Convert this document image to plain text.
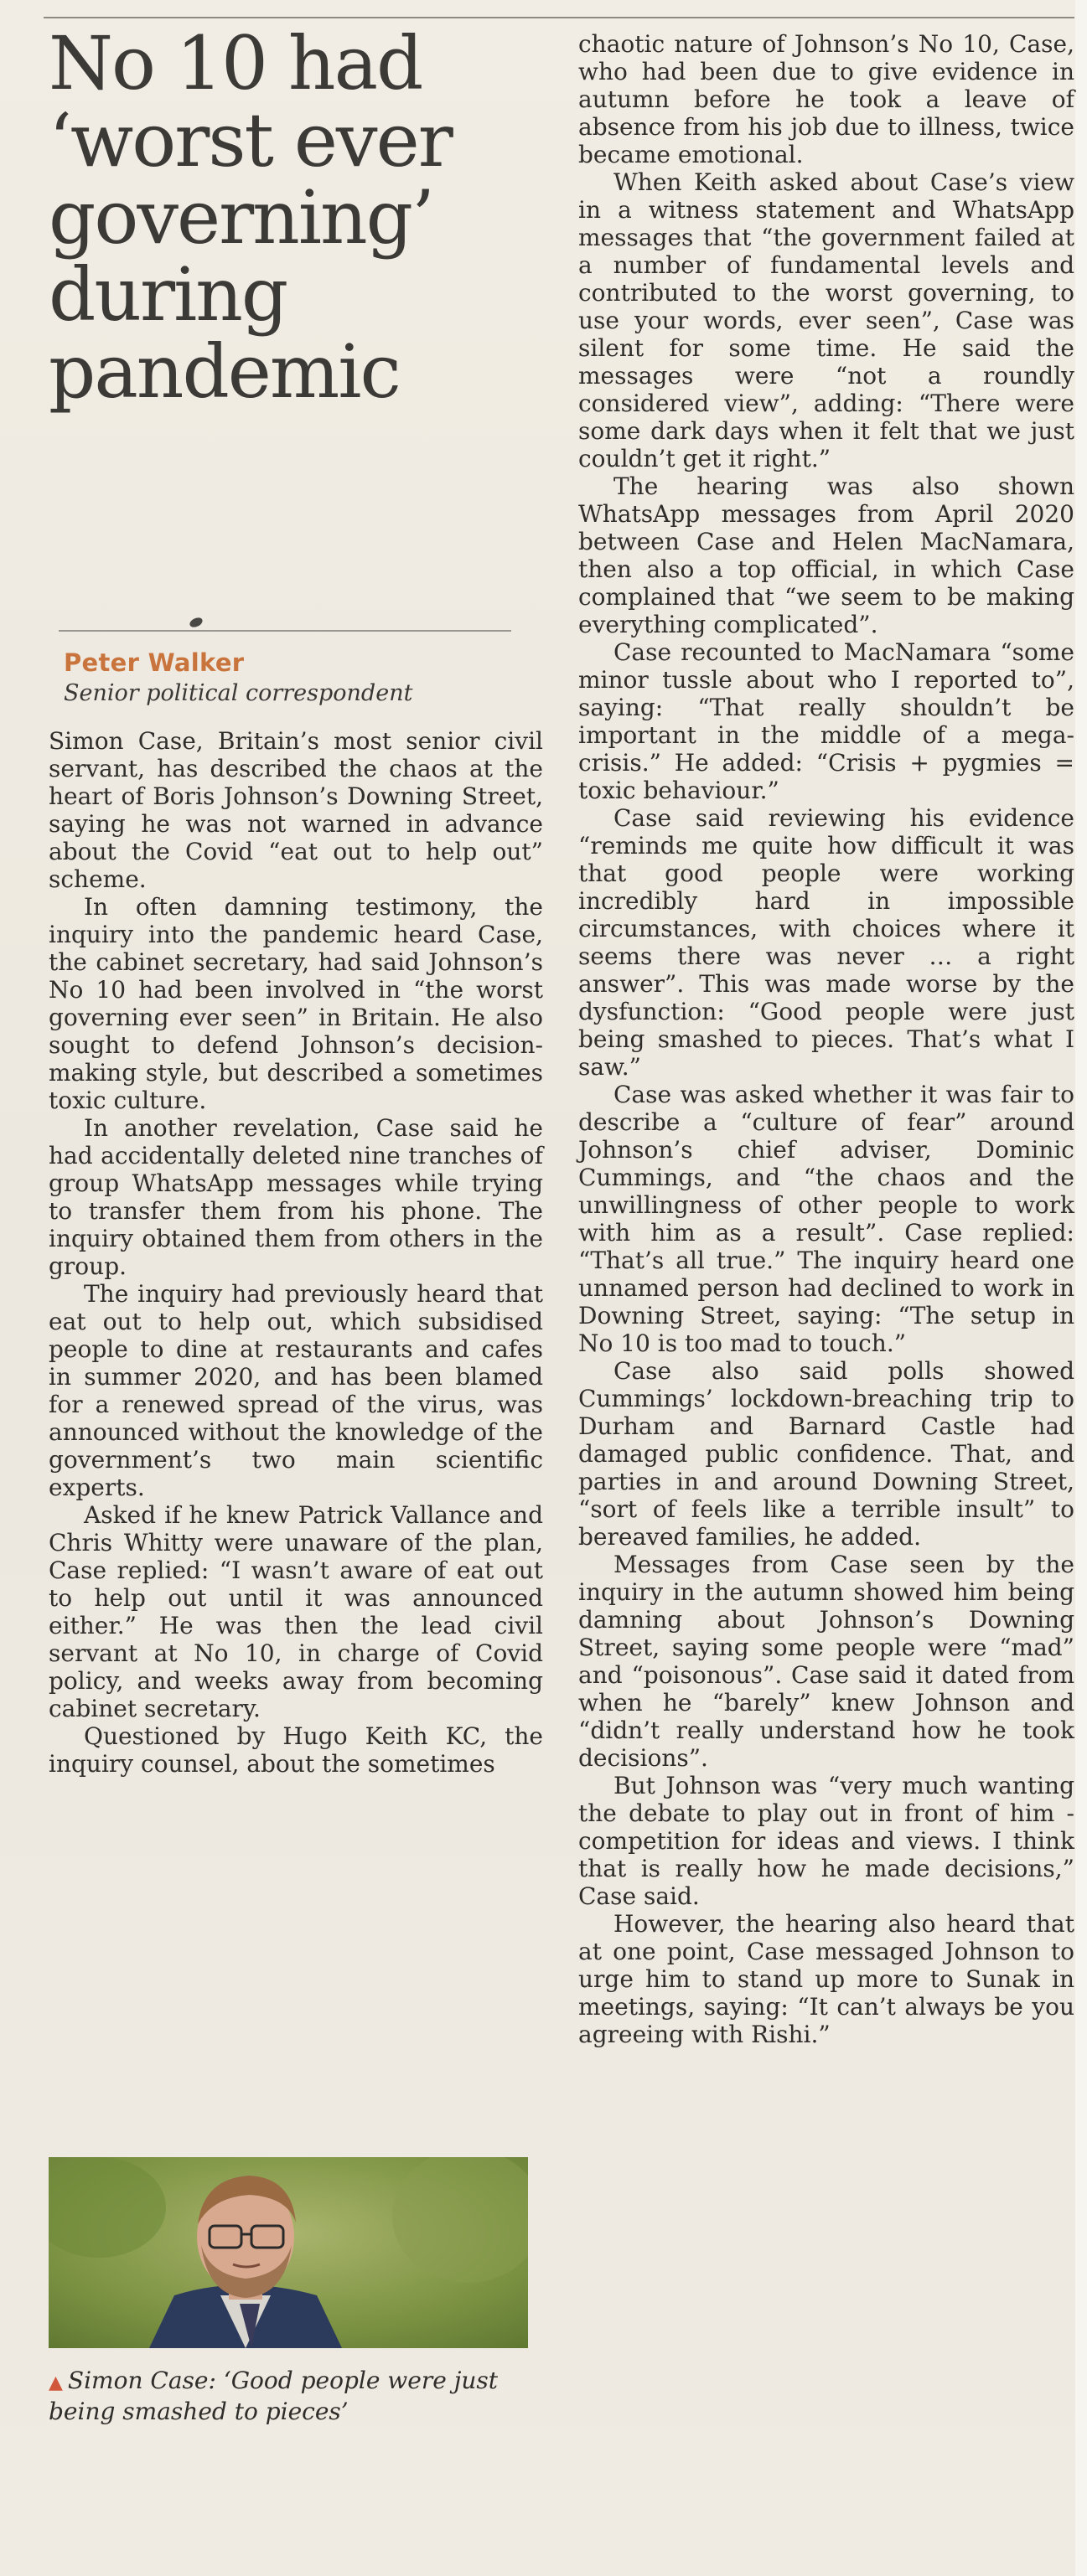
No 10 had ‘worst ever governing’ during pandemic
Peter Walker
Senior political correspondent

Simon Case, Britain’s most senior civil servant, has described the chaos at the heart of Boris Johnson’s Downing Street, saying he was not warned in advance about the Covid “eat out to help out” scheme.

In often damning testimony, the inquiry into the pandemic heard Case, the cabinet secretary, had said Johnson’s No 10 had been involved in “the worst governing ever seen” in Britain. He also sought to defend Johnson’s decision-making style, but described a sometimes toxic culture.

In another revelation, Case said he had accidentally deleted nine tranches of group WhatsApp messages while trying to transfer them from his phone. The inquiry obtained them from others in the group.

The inquiry had previously heard that eat out to help out, which subsidised people to dine at restaurants and cafes in summer 2020, and has been blamed for a renewed spread of the virus, was announced without the knowledge of the government’s two main scientific experts.

Asked if he knew Patrick Vallance and Chris Whitty were unaware of the plan, Case replied: “I wasn’t aware of eat out to help out until it was announced either.” He was then the lead civil servant at No 10, in charge of Covid policy, and weeks away from becoming cabinet secretary.

Questioned by Hugo Keith KC, the inquiry counsel, about the sometimes

▲ Simon Case: ‘Good people were just being smashed to pieces’

chaotic nature of Johnson’s No 10, Case, who had been due to give evidence in autumn before he took a leave of absence from his job due to illness, twice became emotional.

When Keith asked about Case’s view in a witness statement and WhatsApp messages that “the government failed at a number of fundamental levels and contributed to the worst governing, to use your words, ever seen”, Case was silent for some time. He said the messages were “not a roundly considered view”, adding: “There were some dark days when it felt that we just couldn’t get it right.”

The hearing was also shown WhatsApp messages from April 2020 between Case and Helen MacNamara, then also a top official, in which Case complained that “we seem to be making everything complicated”.

Case recounted to MacNamara “some minor tussle about who I reported to”, saying: “That really shouldn’t be important in the middle of a mega-crisis.” He added: “Crisis + pygmies = toxic behaviour.”

Case said reviewing his evidence “reminds me quite how difficult it was that good people were working incredibly hard in impossible circumstances, with choices where it seems there was never … a right answer”. This was made worse by the dysfunction: “Good people were just being smashed to pieces. That’s what I saw.”

Case was asked whether it was fair to describe a “culture of fear” around Johnson’s chief adviser, Dominic Cummings, and “the chaos and the unwillingness of other people to work with him as a result”. Case replied: “That’s all true.” The inquiry heard one unnamed person had declined to work in Downing Street, saying: “The setup in No 10 is too mad to touch.”

Case also said polls showed Cummings’ lockdown-breaching trip to Durham and Barnard Castle had damaged public confidence. That, and parties in and around Downing Street, “sort of feels like a terrible insult” to bereaved families, he added.

Messages from Case seen by the inquiry in the autumn showed him being damning about Johnson’s Downing Street, saying some people were “mad” and “poisonous”. Case said it dated from when he “barely” knew Johnson and “didn’t really understand how he took decisions”.

But Johnson was “very much wanting the debate to play out in front of him - competition for ideas and views. I think that is really how he made decisions,” Case said.

However, the hearing also heard that at one point, Case messaged Johnson to urge him to stand up more to Sunak in meetings, saying: “It can’t always be you agreeing with Rishi.”
